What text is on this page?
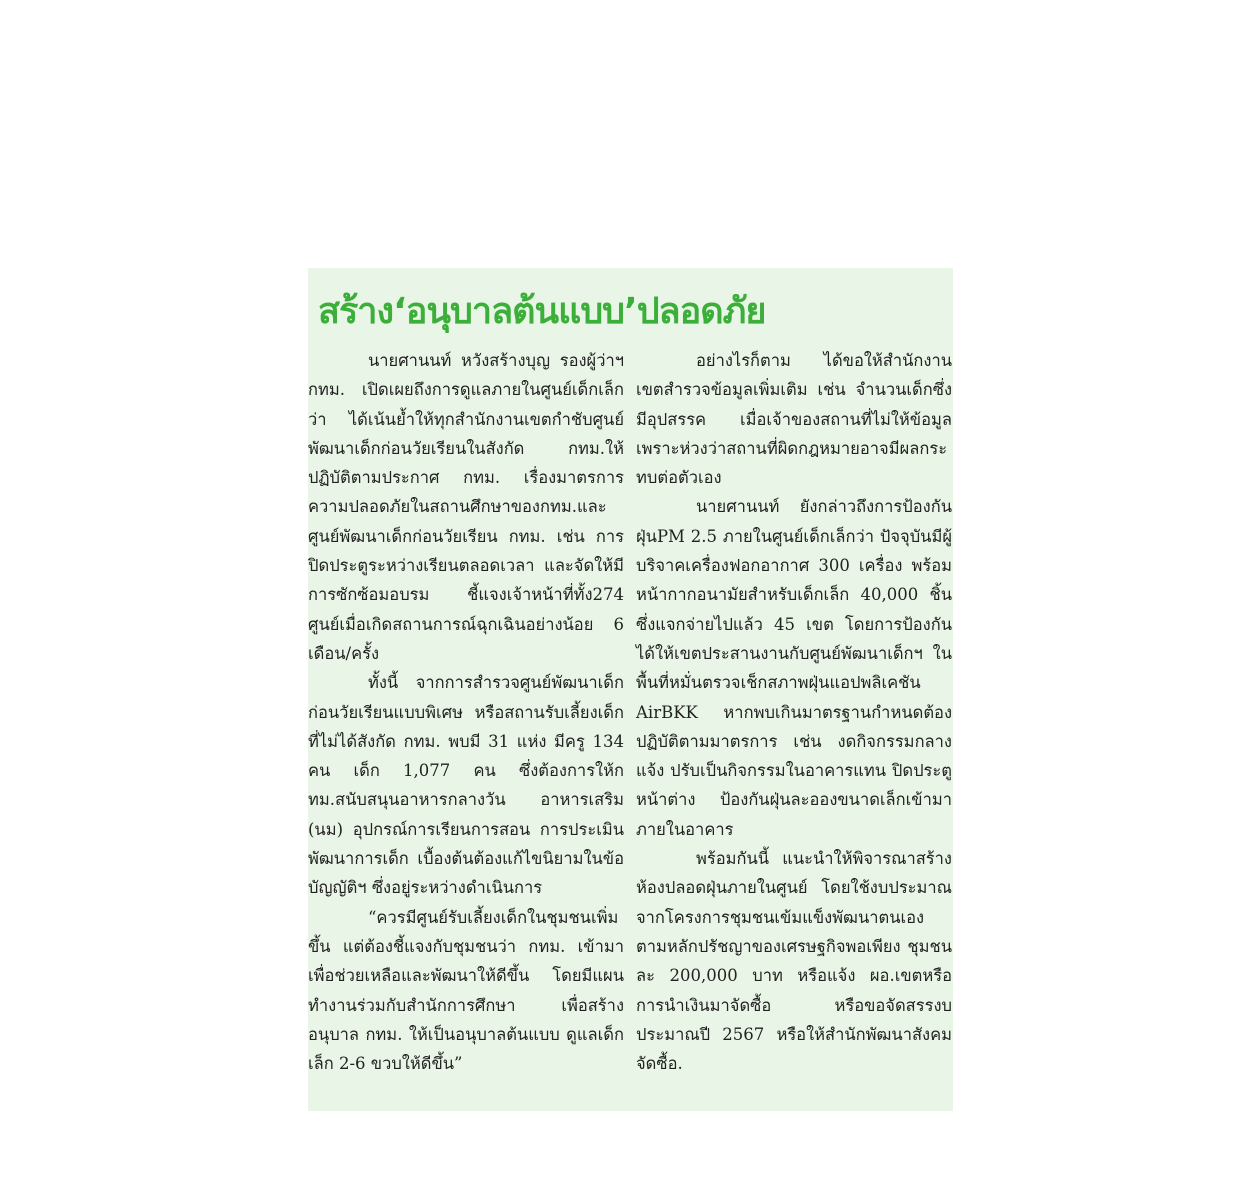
สร้าง‘อนุบาลต้นแบบ’ปลอดภัย

นายศานนท์ หวังสร้างบุญ รองผู้ว่าฯ กทม. เปิดเผยถึงการดูแลภายในศูนย์เด็กเล็กว่า ได้เน้นย้ำให้ทุกสำนักงานเขตกำชับศูนย์พัฒนาเด็กก่อนวัยเรียนในสังกัด กทม.ให้ปฏิบัติตามประกาศ กทม. เรื่องมาตรการความปลอดภัยในสถานศึกษาของกทม.และศูนย์พัฒนาเด็กก่อนวัยเรียน กทม. เช่น การปิดประตูระหว่างเรียนตลอดเวลา และจัดให้มีการซักซ้อมอบรม ชี้แจงเจ้าหน้าที่ทั้ง274 ศูนย์เมื่อเกิดสถานการณ์ฉุกเฉินอย่างน้อย 6 เดือน/ครั้ง

ทั้งนี้ จากการสำรวจศูนย์พัฒนาเด็กก่อนวัยเรียนแบบพิเศษ หรือสถานรับเลี้ยงเด็กที่ไม่ได้สังกัด กทม. พบมี 31 แห่ง มีครู 134 คน เด็ก 1,077 คน ซึ่งต้องการให้กทม.สนับสนุนอาหารกลางวัน อาหารเสริม (นม) อุปกรณ์การเรียนการสอน การประเมินพัฒนาการเด็ก เบื้องต้นต้องแก้ไขนิยามในข้อบัญญัติฯ ซึ่งอยู่ระหว่างดำเนินการ

“ควรมีศูนย์รับเลี้ยงเด็กในชุมชนเพิ่มขึ้น แต่ต้องชี้แจงกับชุมชนว่า กทม. เข้ามาเพื่อช่วยเหลือและพัฒนาให้ดีขึ้น โดยมีแผนทำงานร่วมกับสำนักการศึกษา เพื่อสร้างอนุบาล กทม. ให้เป็นอนุบาลต้นแบบ ดูแลเด็กเล็ก 2-6 ขวบให้ดีขึ้น”

อย่างไรก็ตาม ได้ขอให้สำนักงานเขตสำรวจข้อมูลเพิ่มเติม เช่น จำนวนเด็กซึ่งมีอุปสรรค เมื่อเจ้าของสถานที่ไม่ให้ข้อมูลเพราะห่วงว่าสถานที่ผิดกฎหมายอาจมีผลกระทบต่อตัวเอง

นายศานนท์ ยังกล่าวถึงการป้องกันฝุ่นPM 2.5 ภายในศูนย์เด็กเล็กว่า ปัจจุบันมีผู้บริจาคเครื่องฟอกอากาศ 300 เครื่อง พร้อมหน้ากากอนามัยสำหรับเด็กเล็ก 40,000 ชิ้น ซึ่งแจกจ่ายไปแล้ว 45 เขต โดยการป้องกันได้ให้เขตประสานงานกับศูนย์พัฒนาเด็กฯ ในพื้นที่หมั่นตรวจเช็กสภาพฝุ่นแอปพลิเคชัน AirBKK หากพบเกินมาตรฐานกำหนดต้องปฏิบัติตามมาตรการ เช่น งดกิจกรรมกลางแจ้ง ปรับเป็นกิจกรรมในอาคารแทน ปิดประตูหน้าต่าง ป้องกันฝุ่นละอองขนาดเล็กเข้ามาภายในอาคาร

พร้อมกันนี้ แนะนำให้พิจารณาสร้างห้องปลอดฝุ่นภายในศูนย์ โดยใช้งบประมาณจากโครงการชุมชนเข้มแข็งพัฒนาตนเองตามหลักปรัชญาของเศรษฐกิจพอเพียง ชุมชนละ 200,000 บาท หรือแจ้ง ผอ.เขตหรือการนำเงินมาจัดซื้อ หรือขอจัดสรรงบประมาณปี 2567 หรือให้สำนักพัฒนาสังคมจัดซื้อ.
